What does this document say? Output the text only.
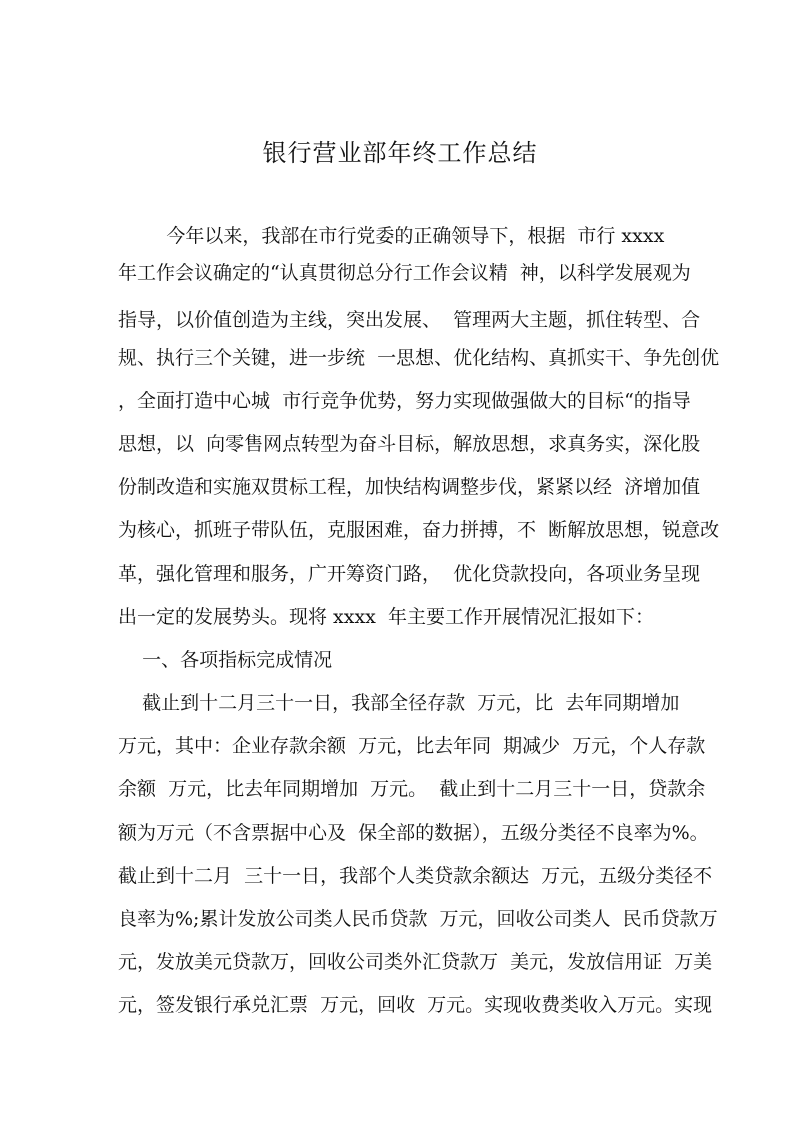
银行营业部年终工作总结

今年以来，我部在市行党委的正确领导下，根据  市行 xxxx

年工作会议确定的“认真贯彻总分行工作会议精  神，以科学发展观为

指导，以价值创造为主线，突出发展、  管理两大主题，抓住转型、合

规、执行三个关键，进一步统  一思想、优化结构、真抓实干、争先创优

，全面打造中心城  市行竞争优势，努力实现做强做大的目标“的指导

思想，以  向零售网点转型为奋斗目标，解放思想，求真务实，深化股

份制改造和实施双贯标工程，加快结构调整步伐，紧紧以经  济增加值

为核心，抓班子带队伍，克服困难，奋力拼搏，不  断解放思想，锐意改

革，强化管理和服务，广开筹资门路，  优化贷款投向，各项业务呈现

出一定的发展势头。现将 xxxx  年主要工作开展情况汇报如下：

一、各项指标完成情况

截止到十二月三十一日，我部全径存款  万元，比  去年同期增加

万元，其中：企业存款余额  万元，比去年同  期减少  万元，个人存款

余额  万元，比去年同期增加  万元。  截止到十二月三十一日，贷款余

额为万元（不含票据中心及  保全部的数据），五级分类径不良率为%。

截止到十二月  三十一日，我部个人类贷款余额达  万元，五级分类径不

良率为%;累计发放公司类人民币贷款  万元，回收公司类人  民币贷款万

元，发放美元贷款万，回收公司类外汇贷款万  美元，发放信用证  万美

元，签发银行承兑汇票  万元，回收  万元。实现收费类收入万元。实现
